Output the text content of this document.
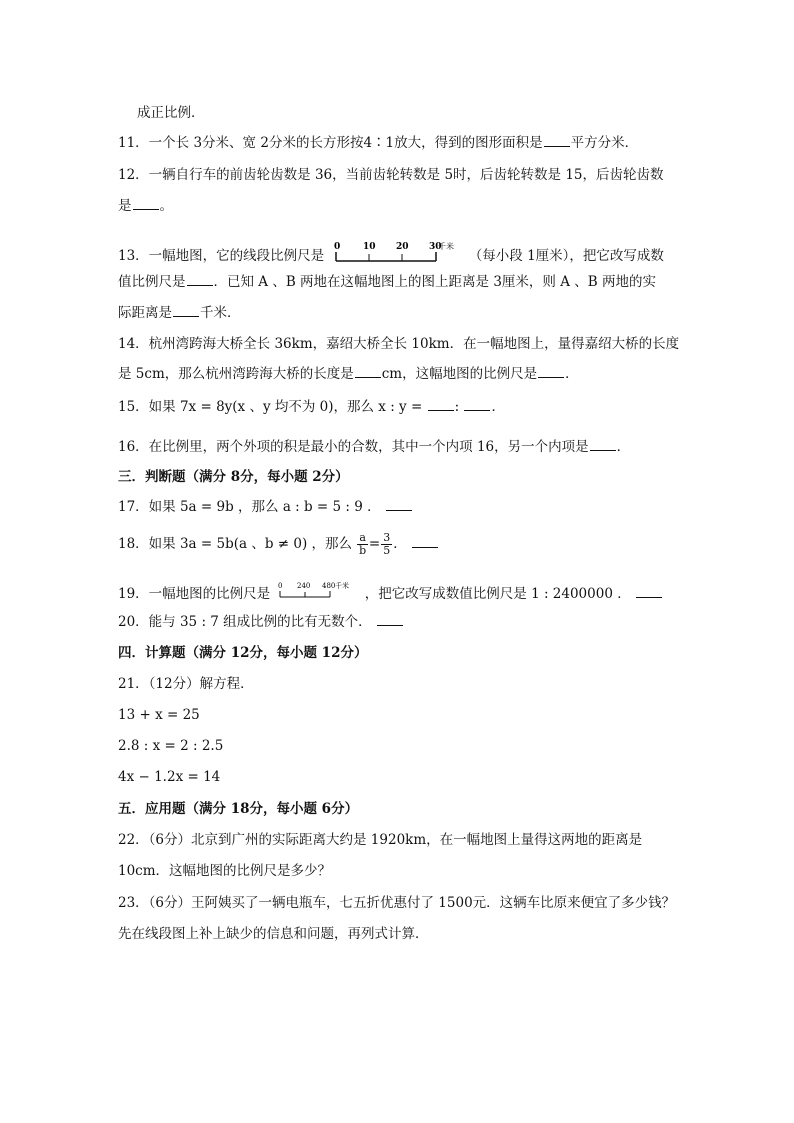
成正比例．
11．一个长 3分米、宽 2分米的长方形按4∶1放大，得到的图形面积是 平方分米．
12．一辆自行车的前齿轮齿数是 36，当前齿轮转数是 5时，后齿轮转数是 15，后齿轮齿数
是 。
13．一幅地图，它的线段比例尺是
0	10 20 30
千米
（每小段 1厘米），把它改写成数
值比例尺是 ．已知 A 、B 两地在这幅地图上的图上距离是 3厘米，则 A 、B 两地的实
际距离是 千米．
14．杭州湾跨海大桥全长 36km，嘉绍大桥全长 10km．在一幅地图上，量得嘉绍大桥的长度
是 5cm，那么杭州湾跨海大桥的长度是 cm，这幅地图的比例尺是 ．
15．如果 7x = 8y(x 、y 均不为 0)，那么 x : y = : ．
16．在比例里，两个外项的积是最小的合数，其中一个内项 16，另一个内项是 ．
三．判断题（满分 8分，每小题 2分）
17．如果 5a = 9b ，那么 a : b = 5 : 9 ．
18．如果 3a = 5b(a 、b ≠ 0) ，那么 $\frac{a}{b} = \frac{3}{5}$ ．
19．一幅地图的比例尺是 0 240 480 千米 ，把它改写成数值比例尺是 1 : 2400000 ．
20．能与 35 : 7 组成比例的比有无数个．
四．计算题（满分 12分，每小题 12分）
21．（12分）解方程．
13 + x = 25
2.8 : x = 2 : 2.5
4x − 1.2x = 14
五．应用题（满分 18分，每小题 6分）
22．（6分）北京到广州的实际距离大约是 1920km，在一幅地图上量得这两地的距离是
10cm．这幅地图的比例尺是多少？
23．（6分）王阿姨买了一辆电瓶车，七五折优惠付了 1500元．这辆车比原来便宜了多少钱？
先在线段图上补上缺少的信息和问题，再列式计算．
